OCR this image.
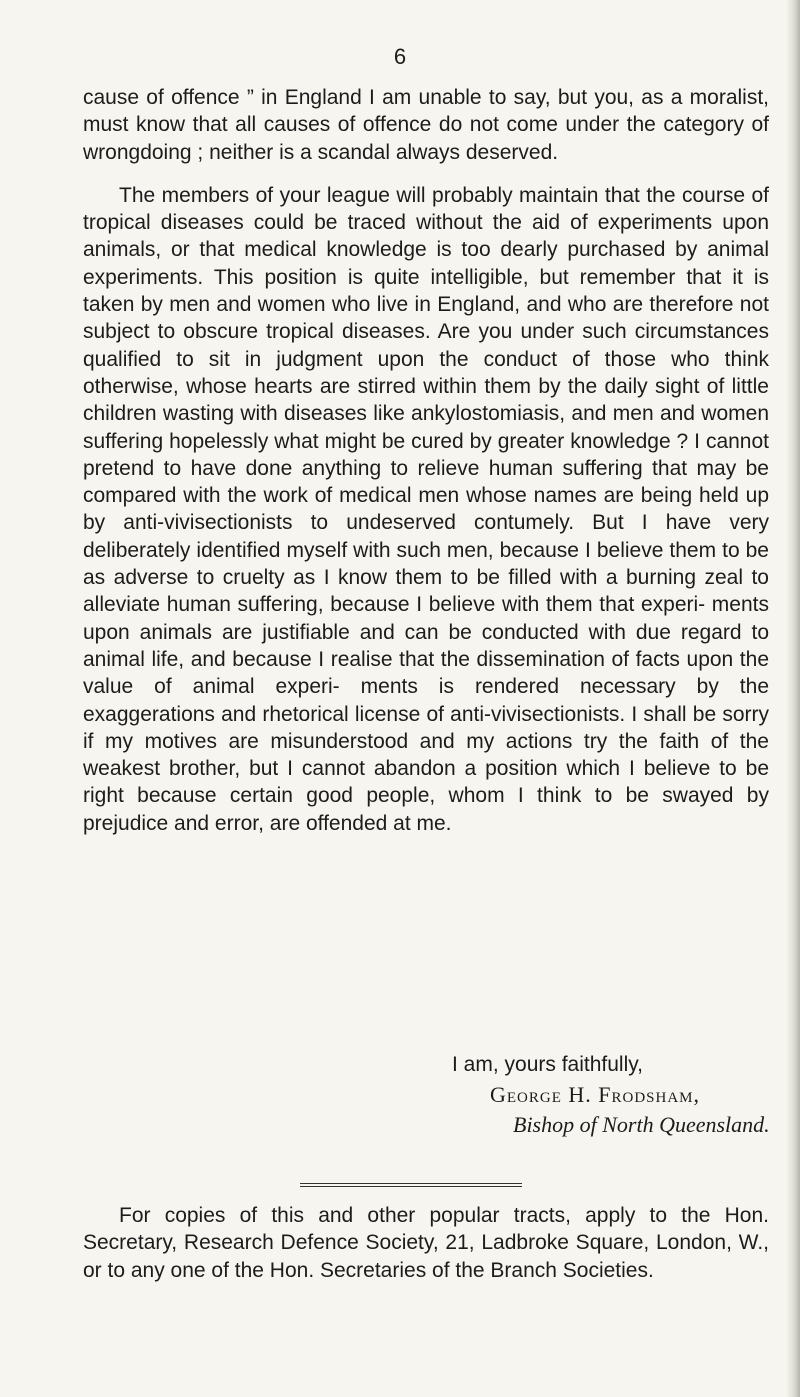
6

cause of offence ” in England I am unable to say, but you, as a moralist, must know that all causes of offence do not come under the category of wrongdoing ; neither is a scandal always deserved.

The members of your league will probably maintain that the course of tropical diseases could be traced without the aid of experiments upon animals, or that medical knowledge is too dearly purchased by animal experiments. This position is quite intelligible, but remember that it is taken by men and women who live in England, and who are therefore not subject to obscure tropical diseases. Are you under such circumstances qualified to sit in judgment upon the conduct of those who think otherwise, whose hearts are stirred within them by the daily sight of little children wasting with diseases like ankylostomiasis, and men and women suffering hopelessly what might be cured by greater knowledge ? I cannot pretend to have done anything to relieve human suffering that may be compared with the work of medical men whose names are being held up by anti-vivisectionists to undeserved contumely. But I have very deliberately identified myself with such men, because I believe them to be as adverse to cruelty as I know them to be filled with a burning zeal to alleviate human suffering, because I believe with them that experi- ments upon animals are justifiable and can be conducted with due regard to animal life, and because I realise that the dissemination of facts upon the value of animal experi- ments is rendered necessary by the exaggerations and rhetorical license of anti-vivisectionists. I shall be sorry if my motives are misunderstood and my actions try the faith of the weakest brother, but I cannot abandon a position which I believe to be right because certain good people, whom I think to be swayed by prejudice and error, are offended at me.

I am, yours faithfully,
George H. Frodsham,
Bishop of North Queensland.

For copies of this and other popular tracts, apply to the Hon. Secretary, Research Defence Society, 21, Ladbroke Square, London, W., or to any one of the Hon. Secretaries of the Branch Societies.
